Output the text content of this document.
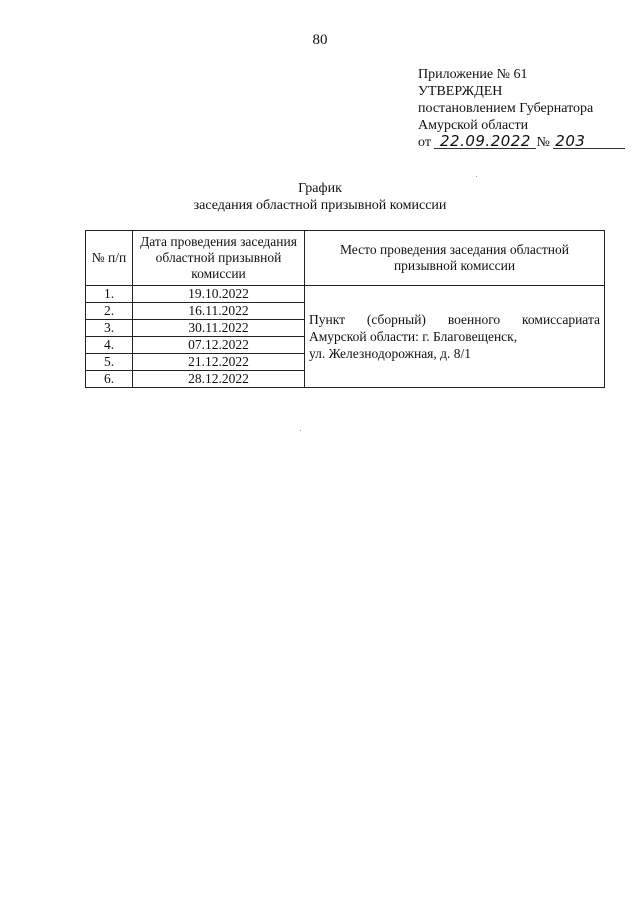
80
Приложение № 61
УТВЕРЖДЕН
постановлением Губернатора
Амурской области
от 22.09.2022 № 203
График
заседания областной призывной комиссии
№ п/п	Дата проведения заседания областной призывной комиссии	Место проведения заседания областной призывной комиссии
1.	19.10.2022	Пункт (сборный) военного комиссариата
Амурской области: г. Благовещенск,
ул. Железнодорожная, д. 8/1

2.	16.11.2022	
3.	30.11.2022	
4.	07.12.2022	
5.	21.12.2022	
6.	28.12.2022	
